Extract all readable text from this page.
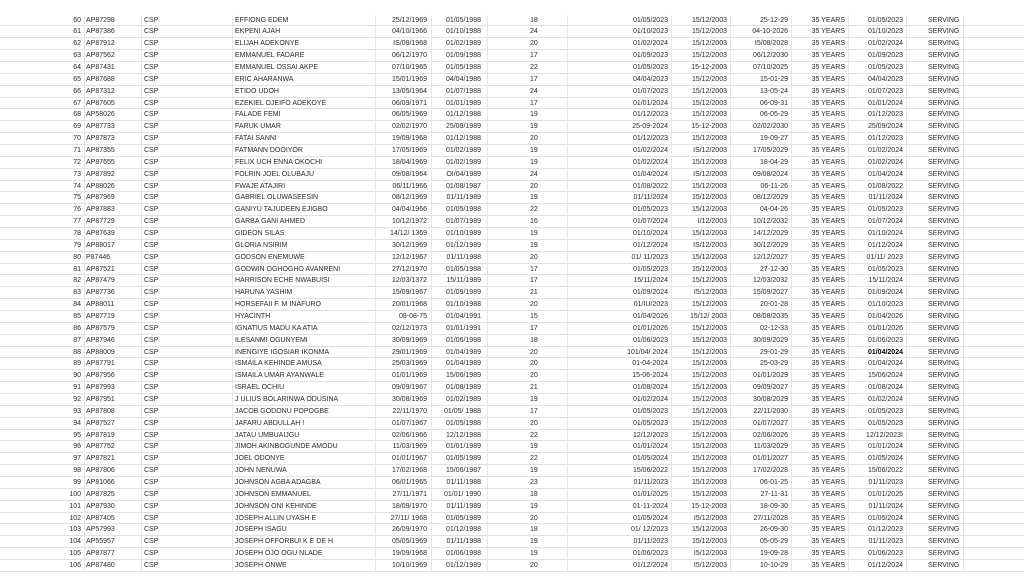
60 AP87298	CSP	EFFIONG EDEM	25/12/1969	01/05/1988	18	01/05/2023	15/12/2003	25-12-29	35 YEARS	01/05/2023	SERVING
61 AP87386	CSP	EKPENI AJAH	04/10/1966	01/10/1988	24	01/10/2023	15/12/2003	04-10-2026	35 YEARS	01/10/2023	SERVING
62 AP87912	CSP	ELIJAH ADEKONYE	IS/08/1968	01/02/1989	20	01/02/2024	15/12/2003	I5/08/2028	35 YEARS	01/02/2024	SERVING
63 AP87562	CSP	EMMANUEL FADARE	06/12/1970	01/09/1988	17	01/09/2023	15/12/2003	06/12/2030	35 YEARS	01/09/2023	SERVING
64 AP87431	CSP	EMMANUEL OSSAI AKPE	07/10/1965	01/05/1988	22	01/05/2023	15-12-2003	07/10/2025	35 YEARS	01/05/2023	SERVING
65 AP87688	CSP	ERIC AHARANWA	15/01/1969	04/04/1986	17	04/04/2023	15/12/2003	15-01-29	35 YEARS	04/04/2023	SERVING
66 AP87312	CSP	ETIDO UDOH	13/05/1964	01/07/1988	24	01/07/2023	15/12/2003	13-05-24	35 YEARS	01/07/2023	SERVING
67 AP87605	CSP	EZEKIEL OJEIFO ADEKOYE	06/09/1971	01/01/1989	17	01/01/2024	15/12/2003	06-09-31	35 YEARS	01/01/2024	SERVING
68 AP58026	CSP	FALADE FEMI	06/05/1969	01/12/1988	19	01/12/2023	15/12/2003	06-05-29	35 YEARS	01/12/2023	SERVING
69 AP87733	CSP	FARUK UMAR	02/02/1970	25/09/1989	19	25-09-2024	15-12-2003	02/02/2030	35 YEARS	25/09/2024	SERVING
70 AP87873	CSP	FATAI SANNI	19/09/1968	01/12/1988	20	01/12/2023	15/12/2003	19-09-27	35 YEARS	01/12/2023	SERVING
71 AP87355	CSP	FATMANN DOOIYOR	17/05/1969	01/02/1989	19	01/02/2024	IS/12/2003	17/05/2029	35 YEARS	01/02/2024	SERVING
72 AP87655	CSP	FELIX UCH ENNA OKOCHI	18/04/1969	01/02/1989	19	01/02/2024	15/12/2003	18-04-29	35 YEARS	01/02/2024	SERVING
73 AP87892	CSP	FOLRIN JOEL OLUBAJU	09/08/1964	OI/04/1989	24	01/04/2024	IS/12/2003	09/08/2024	35 YEARS	01/04/2024	SERVING
74 AP88026	CSP	FWAJE ATAJIRI	06/11/1966	01/08/1987	20	01/08/2022	15/12/2003	06-11-26	35 YEARS	01/08/2022	SERVING
75 AP87969	CSP	GABRIEL OLUWASEESIN	08/12/1969	01/11/1989	19	01/11/2024	15/12/2003	08/12/2029	35 YEARS	01/11/2024	SERVING
76 AP87883	CSP	GANIYU TAJUDEEN EJIGBO	04/04/1966	01/05/1988	22	01/05/2023	15/12/2003	04-04-26	35 YEARS	01/05/2023	SERVING
77 AP87729	CSP	GARBA GANI AHMED	10/12/1972	01/07/1989	16	01/07/2024	I/12/2003	10/12/2032	35 YEARS	01/07/2024	SERVING
78 AP87639	CSP	GIDEON SILAS	14/12/ 1369	01/10/1989	19	01/10/2024	15/12/2003	14/12/2029	35 YEARS	01/10/2024	SERVING
79 AP88017	CSP	GLORIA NSIRIM	30/12/1969	01/12/1989	19	01/12/2024	IS/12/2003	30/12/2029	35 YEARS	01/12/2024	SERVING
80 P87446	CSP	GODSON ENEMUWE	12/12/1967	01/11/1988	20	01/ 11/2023	15/12/2003	12/12/2027	35 YEARS	01/11/ 2023	SERVING
81 AP87521	CSP	GODWIN OGHOGHO AVANRENI	27/12/1970	01/05/1988	17	01/05/2023	15/12/2003	27-12-30	35 YEARS	01/05/2023	SERVING
82 AP87479	CSP	HARRISON ECHE NWABUISI	12/03/1372	15/11/1989	17	15/11/2024	15/12/2003	12/03/2032	35 YEARS	15/11/2024	SERVING
83 AP87736	CSP	HARUNA YASHIM	15/09/1967	01/09/1989	21	01/09/2024	I5/12/2003	15/09/2027	35 YEARS	01/09/2024	SERVING
84 AP88011	CSP	HORSEFAII F. M INAFURO	20/01/1968	01/10/1988	20	01/IU/2023	15/12/2003	20-01-28	35 YEARS	01/10/2023	SERVING
85 AP87719	CSP	HYACINTH	08-08-75	01/04/1991	15	01/04/2026	15/12/ 2003	08/08/2035	35 YEARS	01/04/2026	SERVING
86 AP87579	CSP	IGNATIUS MADU KA ATIA	02/12/1973	01/01/1991	17	01/01/2026	15/12/2003	02-12-33	35 YEARS	01/01/2026	SERVING
87 AP87946	CSP	ILESANMI OGUNYEMI	30/09/1969	01/06/1988	18	01/06/2023	15/12/2003	30/09/2029	35 YEARS	01/06/2023	SERVING
88 AP88009	CSP	INENGIYE IGOSIAR IKONMA	29/01/1969	01/04/1989	20	101/04/ 2024	15/12/2003	29-01-29	35 YEARS	01/04/2024	SERVING
89 AP87791	CSP	ISMAILA KEHINDE AMUSA	25/03/1969	01/04/1989	20	01-04-2024	15/12/2003	25-03-29	35 YEARS	01/04/2024	SERVING
90 AP87956	CSP	ISMAILA UMAR AYANWALE	01/01/1969	15/06/1989	20	15-06-2024	15/12/2003	01/01/2029	35 YEARS	15/06/2024	SERVING
91 AP87993	CSP	ISRAEL OCHIU	09/09/1967	01/08/1989	21	01/08/2024	15/12/2003	09/09/2027	35 YEARS	01/08/2024	SERVING
92 AP87951	CSP	J ULIUS BOLARINWA ODUSINA	30/08/1969	01/02/1989	19	01/02/2024	15/12/2003	30/08/2029	35 YEARS	01/02/2024	SERVING
93 AP87808	CSP	JACOB GODONU POPOGBE	22/11/1970	01/05/ 1988	17	01/05/2023	15/12/2003	22/11/2030	35 YEARS	01/05/2023	SERVING
94 AP87527	CSP	JAFARU ABDULLAH !	01/07/1967	01/05/1988	20	01/05/2023	15/12/2003	01/07/2027	35 YEARS	01/05/2023	SERVING
95 AP87819	CSP	JATAU UMBUAIJGU	02/06/1966	12/12/1988	22	12/12/2023	15/12/2003	02/06/2026	35 YEARS	12/12/2023I	SERVING
96 AP87752	CSP	JIMOH AKINBOGUNDE AMODU	11/03/1969	01/01/1989	19	01/01/2024	15/12/2003	11/03/2029	35 YEARS	01/01/2024	SERVING
97 AP87821	CSP	JOEL ODONYE	01/01/1967	01/05/1989	22	01/05/2024	15/12/2003	01/01/2027	35 YEARS	01/05/2024	SERVING
98 AP87806	CSP	JOHN NENUWA	17/02/1968	15/06/1987	19	15/06/2022	15/12/2003	17/02/2028	35 YEARS	15/06/2022	SERVING
99 AP81066	CSP	JOHNSON AGBA ADAGBA	06/01/1965	01/11/1988	23	01/11/2023	15/12/2003	06-01-25	35 YEARS	01/11/2023	SERVING
100 AP87825	CSP	JOHNSON EMMANUEL	27/11/1971	01/01/ 1990	18	01/01/2025	15/12/2003	27-11-31	35 YEARS	01/01/2025	SERVING
101 AP87930	CSP	JOHNSON ONI KEHINDE	18/09/1970	01/11/1989	19	01-11-2024	15-12-2003	18-09-30	35 YEARS	01/11/2024	SERVING
102 AP87405	CSP	JOSEPH ALLIN UYASH E	27/11/ 1968	01/05/1989	20	01/05/2024	I5/12/2003	27/11/2028	35 YEARS	01/05/2024	SERVING
103 AP57993	CSP	JOSEPH ISAGU	26/09/1970	01/12/1988	18	01/ 12/2023	15/12/2003	26-09-30	35 YEARS	01/12/2023	SERVING
104 AP55957	CSP	JOSEPH OFFORBUI K E DE H	05/05/1969	01/11/1988	19	01/11/2023	15/12/2003	05-05-29	35 YEARS	01/11/2023	SERVING
105 AP87877	CSP	JOSEPH OJO OGU NLADE	19/09/1968	01/06/1988	19	01/06/2023	I5/12/2003	19-09-28	35 YEARS	01/06/2023	SERVING
106 AP87480	CSP	JOSEPH ONWE	10/10/1969	01/12/1989	20	01/12/2024	I5/12/2003	10-10-29	35 YEARS	01/12/2024	SERVING
